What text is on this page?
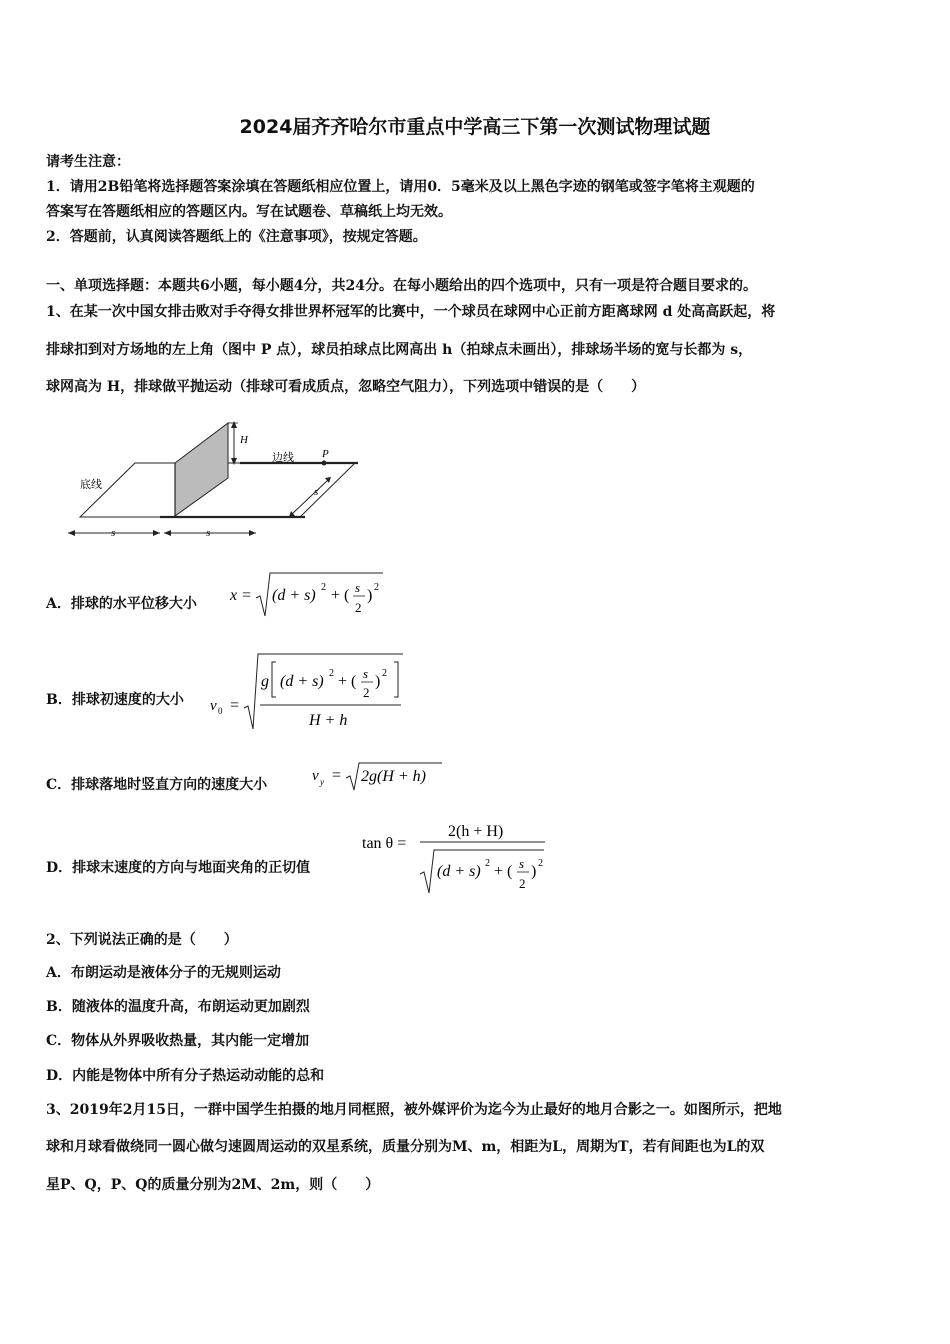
2024届齐齐哈尔市重点中学高三下第一次测试物理试题
请考生注意：
1．请用2B铅笔将选择题答案涂填在答题纸相应位置上，请用0．5毫米及以上黑色字迹的钢笔或签字笔将主观题的
答案写在答题纸相应的答题区内。写在试题卷、草稿纸上均无效。
2．答题前，认真阅读答题纸上的《注意事项》，按规定答题。
一、单项选择题：本题共6小题，每小题4分，共24分。在每小题给出的四个选项中，只有一项是符合题目要求的。
1、在某一次中国女排击败对手夺得女排世界杯冠军的比赛中，一个球员在球网中心正前方距离球网 d 处高高跃起，将
排球扣到对方场地的左上角（图中 P 点），球员拍球点比网高出 h（拍球点未画出），排球场半场的宽与长都为 s，
球网高为 H，排球做平抛运动（排球可看成质点，忽略空气阻力），下列选项中错误的是（　　）
H
P
边线
底线
s
s	s
A．排球的水平位移大小 x = (d + s) 2 + ( s
2
) 2
B．排球初速度的大小 v 0 =
g (d + s) 2 + ( s
2
) 2
H + h
C．排球落地时竖直方向的速度大小
v y = 2g(H + h)
D．排球末速度的方向与地面夹角的正切值
tan θ =
2(h + H)
(d + s) 2 + ( s
2
) 2
2、下列说法正确的是（　　）
A．布朗运动是液体分子的无规则运动
B．随液体的温度升高，布朗运动更加剧烈
C．物体从外界吸收热量，其内能一定增加
D．内能是物体中所有分子热运动动能的总和
3、2019年2月15日，一群中国学生拍摄的地月同框照，被外媒评价为迄今为止最好的地月合影之一。如图所示，把地
球和月球看做绕同一圆心做匀速圆周运动的双星系统，质量分别为M、m，相距为L，周期为T，若有间距也为L的双
星P、Q，P、Q的质量分别为2M、2m，则（　　）
